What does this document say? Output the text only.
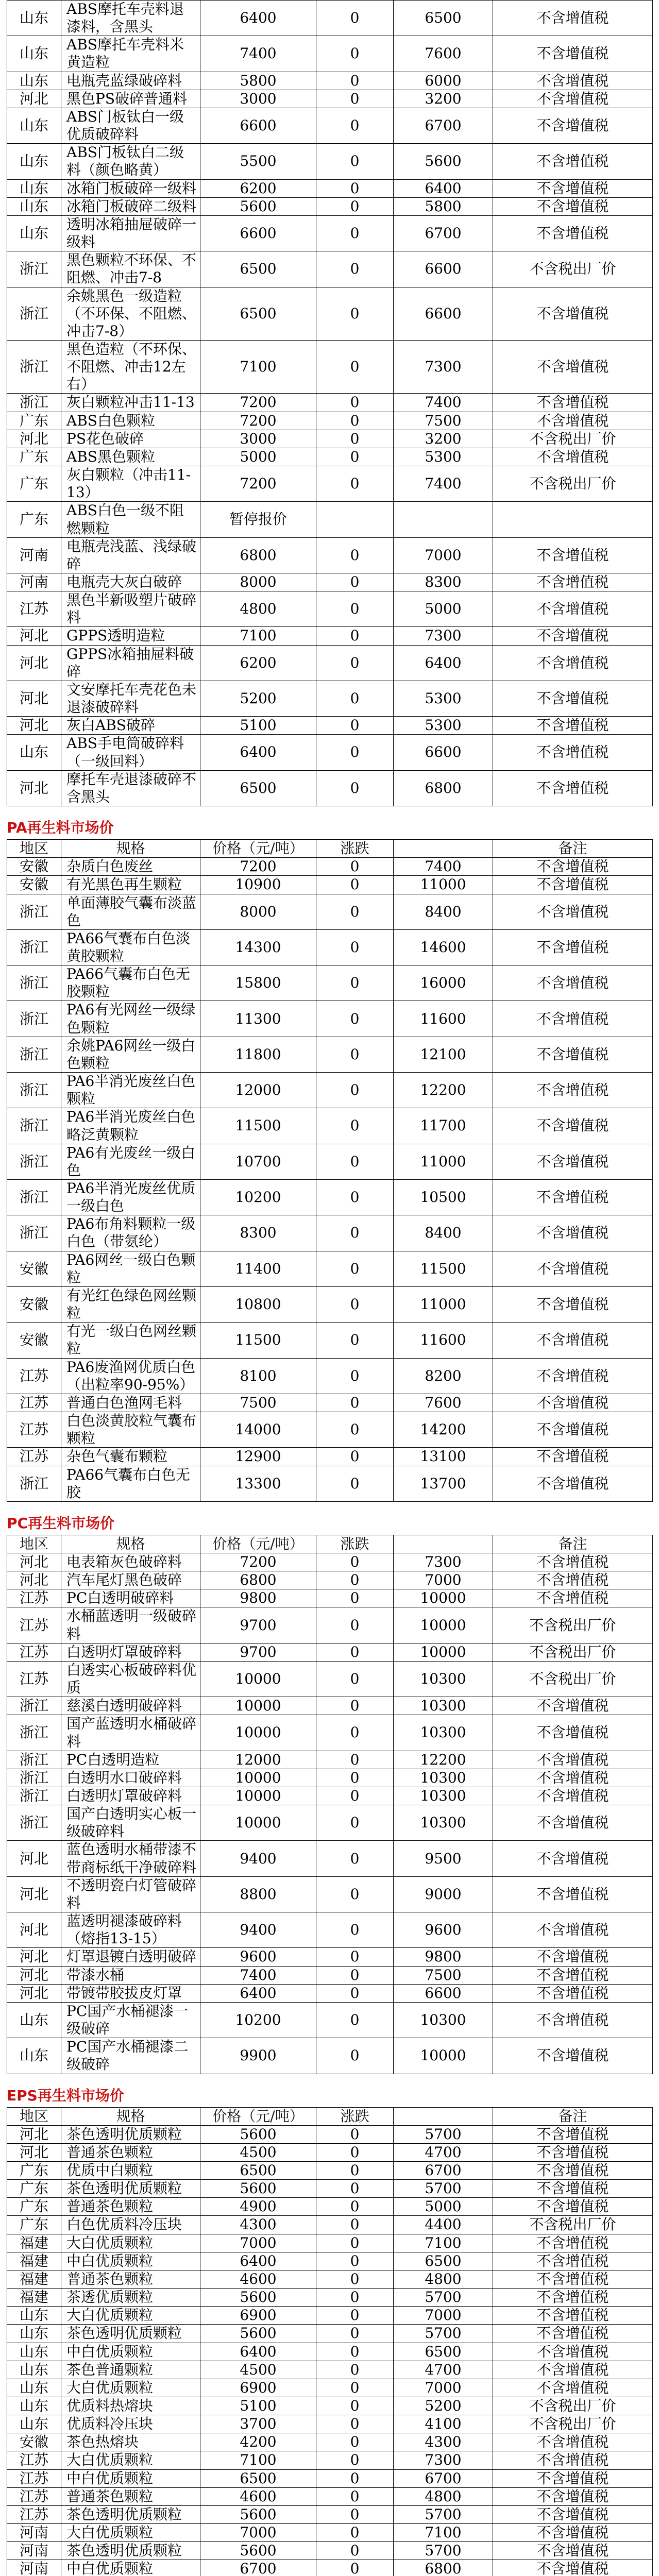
山东	ABS摩托车壳料退漆料，含黑头	6400	0	6500	不含增值税
山东	ABS摩托车壳料米黄造粒	7400	0	7600	不含增值税
山东	电瓶壳蓝绿破碎料	5800	0	6000	不含增值税
河北	黑色PS破碎普通料	3000	0	3200	不含增值税
山东	ABS门板钛白一级优质破碎料	6600	0	6700	不含增值税
山东	ABS门板钛白二级料（颜色略黄）	5500	0	5600	不含增值税
山东	冰箱门板破碎一级料	6200	0	6400	不含增值税
山东	冰箱门板破碎二级料	5600	0	5800	不含增值税
山东	透明冰箱抽屉破碎一级料	6600	0	6700	不含增值税
浙江	黑色颗粒不环保、不阻燃、冲击7-8	6500	0	6600	不含税出厂价
浙江	余姚黑色一级造粒（不环保、不阻燃、冲击7-8）	6500	0	6600	不含增值税
浙江	黑色造粒（不环保、不阻燃、冲击12左右）	7100	0	7300	不含增值税
浙江	灰白颗粒冲击11-13	7200	0	7400	不含增值税
广东	ABS白色颗粒	7200	0	7500	不含增值税
河北	PS花色破碎	3000	0	3200	不含税出厂价
广东	ABS黑色颗粒	5000	0	5300	不含增值税
广东	灰白颗粒（冲击11-13）	7200	0	7400	不含税出厂价
广东	ABS白色一级不阻燃颗粒	暂停报价			
河南	电瓶壳浅蓝、浅绿破碎	6800	0	7000	不含增值税
河南	电瓶壳大灰白破碎	8000	0	8300	不含增值税
江苏	黑色半新吸塑片破碎料	4800	0	5000	不含增值税
河北	GPPS透明造粒	7100	0	7300	不含增值税
河北	GPPS冰箱抽屉料破碎	6200	0	6400	不含增值税
河北	文安摩托车壳花色未退漆破碎料	5200	0	5300	不含增值税
河北	灰白ABS破碎	5100	0	5300	不含增值税
山东	ABS手电筒破碎料（一级回料）	6400	0	6600	不含增值税
河北	摩托车壳退漆破碎不含黑头	6500	0	6800	不含增值税
PA再生料市场价
地区	规格	价格（元/吨）	涨跌		备注
安徽	杂质白色废丝	7200	0	7400	不含增值税
安徽	有光黑色再生颗粒	10900	0	11000	不含增值税
浙江	单面薄胶气囊布淡蓝色	8000	0	8400	不含增值税
浙江	PA66气囊布白色淡黄胶颗粒	14300	0	14600	不含增值税
浙江	PA66气囊布白色无胶颗粒	15800	0	16000	不含增值税
浙江	PA6有光网丝一级绿色颗粒	11300	0	11600	不含增值税
浙江	余姚PA6网丝一级白色颗粒	11800	0	12100	不含增值税
浙江	PA6半消光废丝白色颗粒	12000	0	12200	不含增值税
浙江	PA6半消光废丝白色略泛黄颗粒	11500	0	11700	不含增值税
浙江	PA6有光废丝一级白色	10700	0	11000	不含增值税
浙江	PA6半消光废丝优质一级白色	10200	0	10500	不含增值税
浙江	PA6布角料颗粒一级白色（带氨纶）	8300	0	8400	不含增值税
安徽	PA6网丝一级白色颗粒	11400	0	11500	不含增值税
安徽	有光红色绿色网丝颗粒	10800	0	11000	不含增值税
安徽	有光一级白色网丝颗粒	11500	0	11600	不含增值税
江苏	PA6废渔网优质白色（出粒率90-95%）	8100	0	8200	不含增值税
江苏	普通白色渔网毛料	7500	0	7600	不含增值税
江苏	白色淡黄胶粒气囊布颗粒	14000	0	14200	不含增值税
江苏	杂色气囊布颗粒	12900	0	13100	不含增值税
浙江	PA66气囊布白色无胶	13300	0	13700	不含增值税
PC再生料市场价
地区	规格	价格（元/吨）	涨跌		备注
河北	电表箱灰色破碎料	7200	0	7300	不含增值税
河北	汽车尾灯黑色破碎	6800	0	7000	不含增值税
江苏	PC白透明破碎料	9800	0	10000	不含增值税
江苏	水桶蓝透明一级破碎料	9700	0	10000	不含税出厂价
江苏	白透明灯罩破碎料	9700	0	10000	不含税出厂价
江苏	白透实心板破碎料优质	10000	0	10300	不含税出厂价
浙江	慈溪白透明破碎料	10000	0	10300	不含增值税
浙江	国产蓝透明水桶破碎料	10000	0	10300	不含增值税
浙江	PC白透明造粒	12000	0	12200	不含增值税
浙江	白透明水口破碎料	10000	0	10300	不含增值税
浙江	白透明灯罩破碎料	10000	0	10300	不含增值税
浙江	国产白透明实心板一级破碎料	10000	0	10300	不含增值税
河北	蓝色透明水桶带漆不带商标纸干净破碎料	9400	0	9500	不含增值税
河北	不透明瓷白灯管破碎料	8800	0	9000	不含增值税
河北	蓝透明褪漆破碎料（熔指13-15）	9400	0	9600	不含增值税
河北	灯罩退镀白透明破碎	9600	0	9800	不含增值税
河北	带漆水桶	7400	0	7500	不含增值税
河北	带镀带胶拔皮灯罩	6400	0	6600	不含增值税
山东	PC国产水桶褪漆一级破碎	10200	0	10300	不含增值税
山东	PC国产水桶褪漆二级破碎	9900	0	10000	不含增值税
EPS再生料市场价
地区	规格	价格（元/吨）	涨跌		备注
河北	茶色透明优质颗粒	5600	0	5700	不含增值税
河北	普通茶色颗粒	4500	0	4700	不含增值税
广东	优质中白颗粒	6500	0	6700	不含增值税
广东	茶色透明优质颗粒	5600	0	5700	不含增值税
广东	普通茶色颗粒	4900	0	5000	不含增值税
广东	白色优质料冷压块	4300	0	4400	不含税出厂价
福建	大白优质颗粒	7000	0	7100	不含增值税
福建	中白优质颗粒	6400	0	6500	不含增值税
福建	普通茶色颗粒	4600	0	4800	不含增值税
福建	茶透优质颗粒	5600	0	5700	不含增值税
山东	大白优质颗粒	6900	0	7000	不含增值税
山东	茶色透明优质颗粒	5600	0	5700	不含增值税
山东	中白优质颗粒	6400	0	6500	不含增值税
山东	茶色普通颗粒	4500	0	4700	不含增值税
山东	大白优质颗粒	6900	0	7000	不含增值税
山东	优质料热熔块	5100	0	5200	不含税出厂价
山东	优质料冷压块	3700	0	4100	不含税出厂价
安徽	茶色热熔块	4200	0	4300	不含增值税
江苏	大白优质颗粒	7100	0	7300	不含增值税
江苏	中白优质颗粒	6500	0	6700	不含增值税
江苏	普通茶色颗粒	4600	0	4800	不含增值税
江苏	茶色透明优质颗粒	5600	0	5700	不含增值税
河南	大白优质颗粒	7000	0	7100	不含增值税
河南	茶色透明优质颗粒	5600	0	5700	不含增值税
河南	中白优质颗粒	6700	0	6800	不含增值税
